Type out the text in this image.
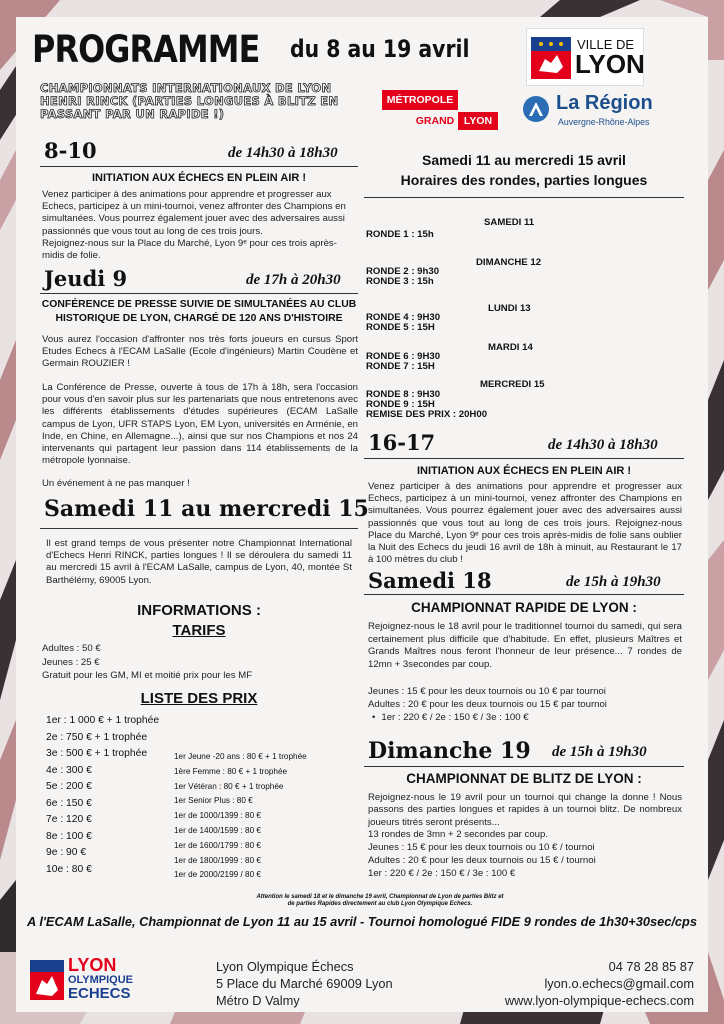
PROGRAMME du 8 au 19 avril
CHAMPIONNATS INTERNATIONAUX DE LYON HENRI RINCK (PARTIES LONGUES À BLITZ EN PASSANT PAR UN RAPIDE !)
VILLE DE
LYON
MÉTROPOLE
GRAND LYON
La Région
Auvergne-Rhône-Alpes
8-10	de 14h30 à 18h30
INITIATION AUX ÉCHECS EN PLEIN AIR !
Venez participer à des animations pour apprendre et progresser aux Echecs, participez à un mini-tournoi, venez affronter des Champions en simultanées. Vous pourrez également jouer avec des adversaires aussi passionnés que vous tout au long de ces trois jours.
Rejoignez-nous sur la Place du Marché, Lyon 9ᵉ pour ces trois après-midis de folie.
Jeudi 9	de 17h à 20h30
CONFÉRENCE DE PRESSE SUIVIE DE SIMULTANÉES AU CLUB HISTORIQUE DE LYON, CHARGÉ DE 120 ANS D'HISTOIRE
Vous aurez l'occasion d'affronter nos très forts joueurs en cursus Sport Etudes Echecs à l'ECAM LaSalle (Ecole d'ingénieurs) Martin Coudène et Germain ROUZIER !
La Conférence de Presse, ouverte à tous de 17h à 18h, sera l'occasion pour vous d'en savoir plus sur les partenariats que nous entretenons avec les différents établissements d'études supérieures (ECAM LaSalle campus de Lyon, UFR STAPS Lyon, EM Lyon, universités en Arménie, en Inde, en Chine, en Allemagne...), ainsi que sur nos Champions et nos 24 intervenants qui partagent leur passion dans 114 établissements de la métropole lyonnaise.
Un événement à ne pas manquer !
Samedi 11 au mercredi 15
Il est grand temps de vous présenter notre Championnat International d'Echecs Henri RINCK, parties longues ! Il se déroulera du samedi 11 au mercredi 15 avril à l'ECAM LaSalle, campus de Lyon, 40, montée St Barthélémy, 69005 Lyon.
INFORMATIONS :
TARIFS
Adultes : 50 €
Jeunes : 25 €
Gratuit pour les GM, MI et moitié prix pour les MF
LISTE DES PRIX
1er : 1 000 € + 1 trophée
2e : 750 € + 1 trophée
3e : 500 € + 1 trophée
4e : 300 €
5e : 200 €
6e : 150 €
7e : 120 €
8e : 100 €
9e : 90 €
10e : 80 €
1er Jeune -20 ans : 80 € + 1 trophée
1ère Femme : 80 € + 1 trophée
1er Vétéran : 80 € + 1 trophée
1er Senior Plus : 80 €
1er de 1000/1399 : 80 €
1er de 1400/1599 : 80 €
1er de 1600/1799 : 80 €
1er de 1800/1999 : 80 €
1er de 2000/2199 / 80 €
Samedi 11 au mercredi 15 avril
Horaires des rondes, parties longues
SAMEDI 11
RONDE 1 : 15h
DIMANCHE 12
RONDE 2 : 9h30
RONDE 3 : 15h
LUNDI 13
RONDE 4 : 9H30
RONDE 5 : 15H
MARDI 14
RONDE 6 : 9H30
RONDE 7 : 15H
MERCREDI 15
RONDE 8 : 9H30
RONDE 9 : 15H
REMISE DES PRIX : 20H00
16-17	de 14h30 à 18h30
INITIATION AUX ÉCHECS EN PLEIN AIR !
Venez participer à des animations pour apprendre et progresser aux Echecs, participez à un mini-tournoi, venez affronter des Champions en simultanées. Vous pourrez également jouer avec des adversaires aussi passionnés que vous tout au long de ces trois jours. Rejoignez-nous Place du Marché, Lyon 9ᵉ pour ces trois après-midis de folie sans oublier la Nuit des Echecs du jeudi 16 avril de 18h à minuit, au Restaurant le 17 à 100 mètres du club !
Samedi 18	de 15h à 19h30
CHAMPIONNAT RAPIDE DE LYON :
Rejoignez-nous le 18 avril pour le traditionnel tournoi du samedi, qui sera certainement plus difficile que d'habitude. En effet, plusieurs Maîtres et Grands Maîtres nous feront l'honneur de leur présence... 7 rondes de 12mn + 3secondes par coup.
Jeunes : 15 € pour les deux tournois ou 10 € par tournoi
Adultes : 20 € pour les deux tournois ou 15 € par tournoi
• 1er : 220 € / 2e : 150 € / 3e : 100 €
Dimanche 19 de 15h à 19h30
CHAMPIONNAT DE BLITZ DE LYON :
Rejoignez-nous le 19 avril pour un tournoi qui change la donne ! Nous passons des parties longues et rapides à un tournoi blitz. De nombreux joueurs titrés seront présents...
13 rondes de 3mn + 2 secondes par coup.
Jeunes : 15 € pour les deux tournois ou 10 € / tournoi
Adultes : 20 € pour les deux tournois ou 15 € / tournoi
1er : 220 € / 2e : 150 € / 3e : 100 €
Attention le samedi 18 et le dimanche 19 avril, Championnat de Lyon de parties Blitz et
de parties Rapides directement au club Lyon Olympique Echecs.
A l'ECAM LaSalle, Championnat de Lyon 11 au 15 avril - Tournoi homologué FIDE 9 rondes de 1h30+30sec/cps
LYON
OLYMPIQUE
ECHECS
Lyon Olympique Échecs
5 Place du Marché 69009 Lyon
Métro D Valmy
04 78 28 85 87
lyon.o.echecs@gmail.com
www.lyon-olympique-echecs.com
